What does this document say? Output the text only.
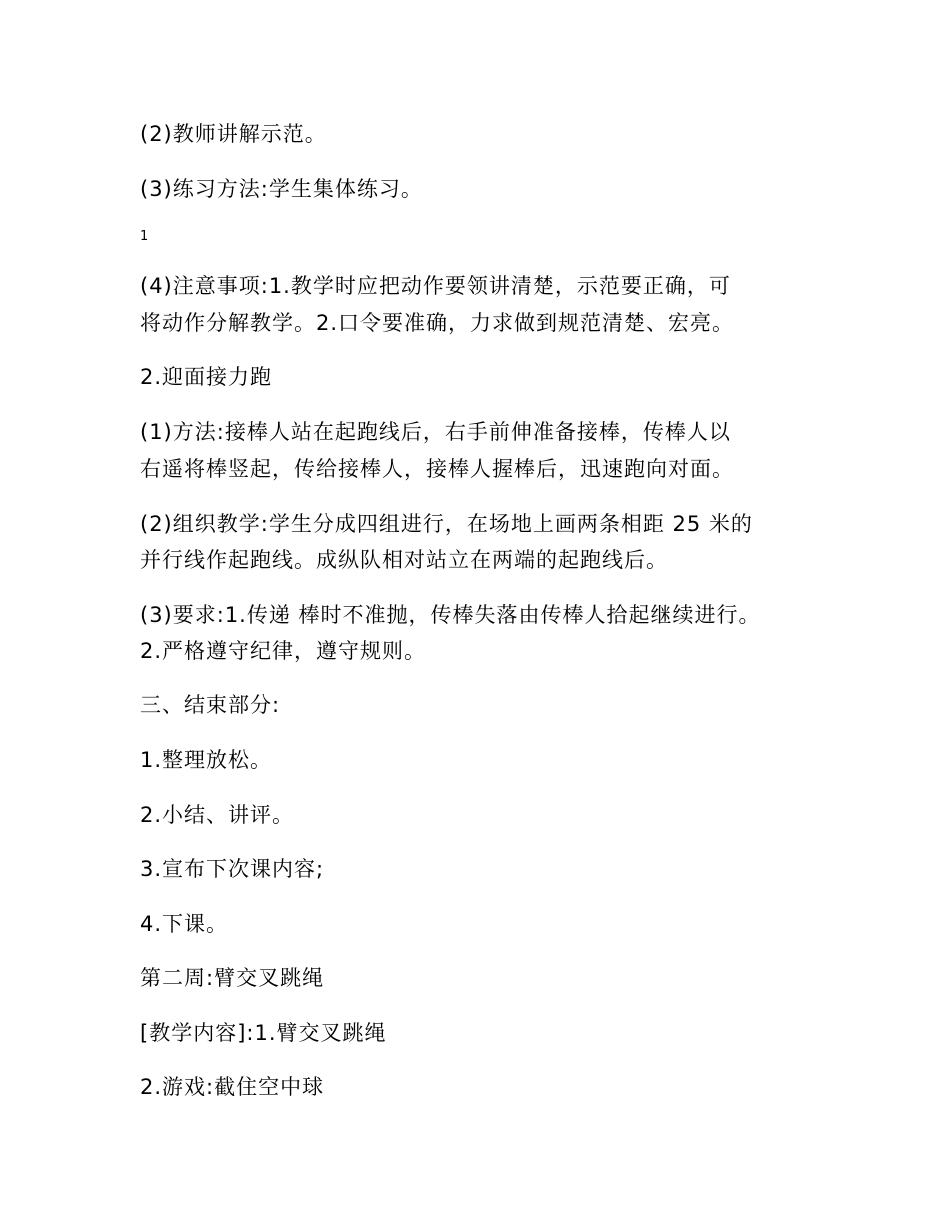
(2)教师讲解示范。
(3)练习方法:学生集体练习。
1
(4)注意事项:1.教学时应把动作要领讲清楚，示范要正确，可
将动作分解教学。2.口令要准确，力求做到规范清楚、宏亮。
2.迎面接力跑
(1)方法:接棒人站在起跑线后，右手前伸准备接棒，传棒人以
右遥将棒竖起，传给接棒人，接棒人握棒后，迅速跑向对面。
(2)组织教学:学生分成四组进行，在场地上画两条相距 25 米的
并行线作起跑线。成纵队相对站立在两端的起跑线后。
(3)要求:1.传递 棒时不准抛，传棒失落由传棒人拾起继续进行。
2.严格遵守纪律，遵守规则。
三、结束部分:
1.整理放松。
2.小结、讲评。
3.宣布下次课内容;
4.下课。
第二周:臂交叉跳绳
[教学内容]:1.臂交叉跳绳
2.游戏:截住空中球
